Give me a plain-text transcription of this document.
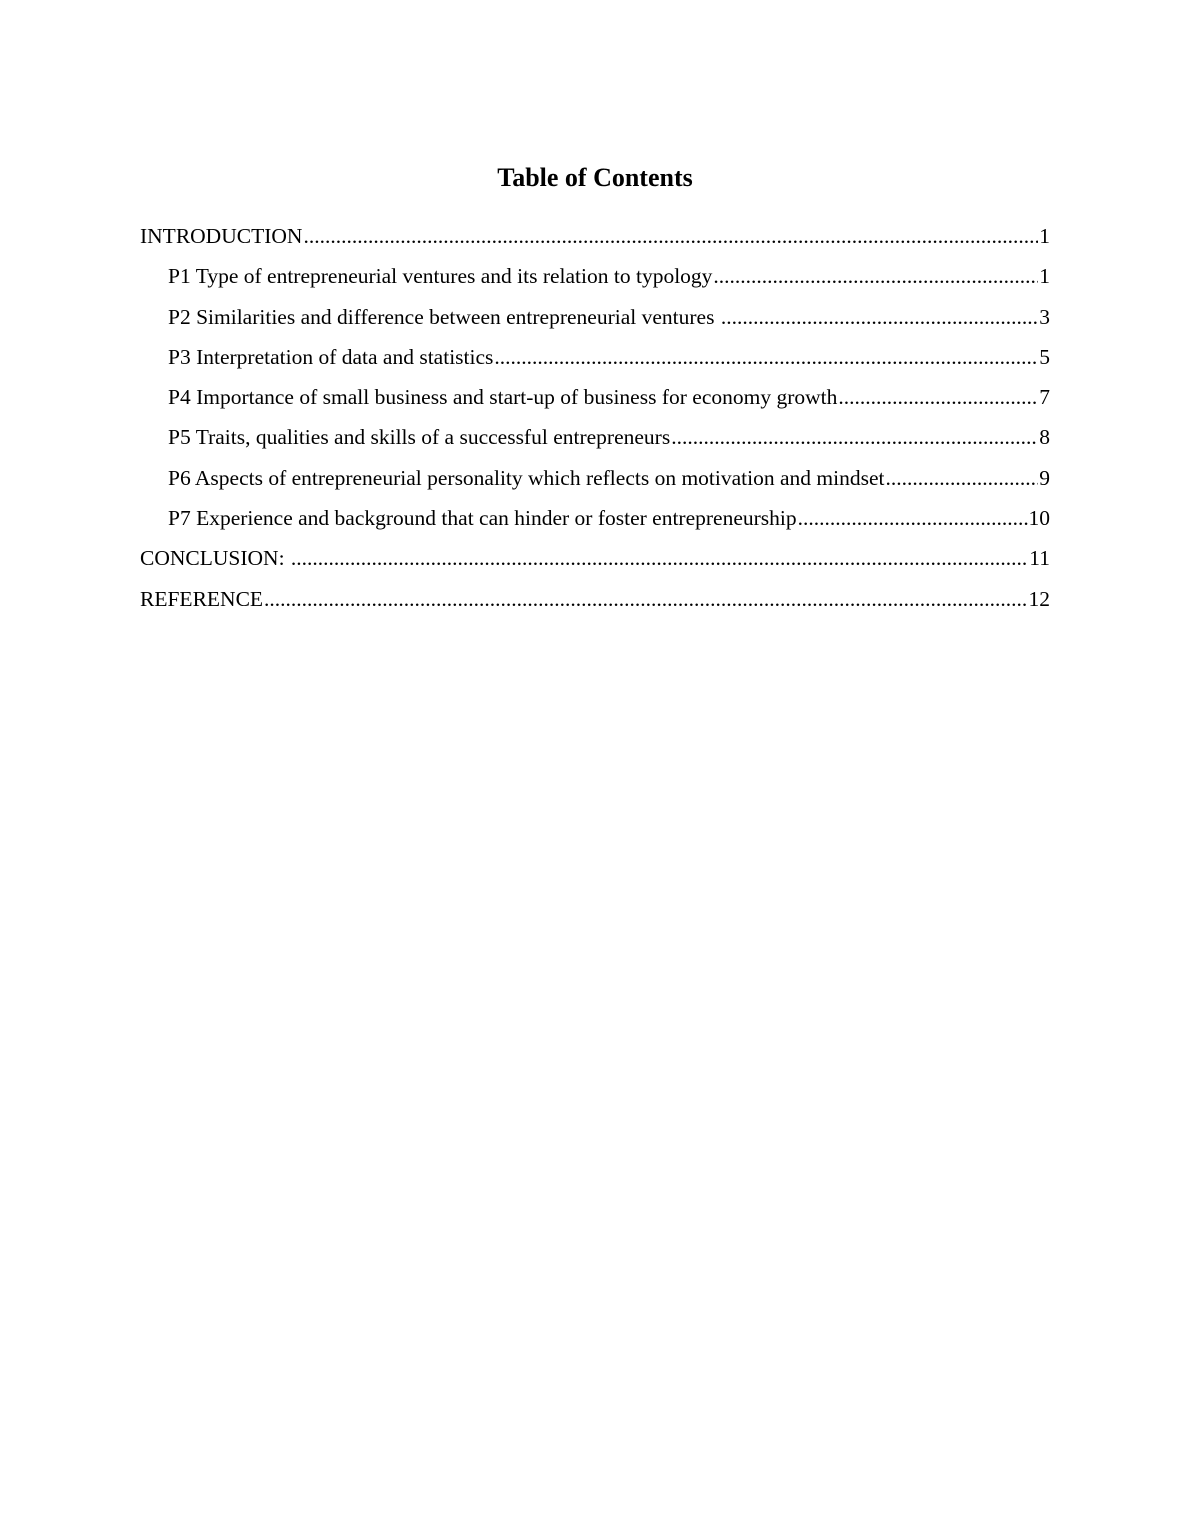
Table of Contents
INTRODUCTION .....	1
P1 Type of entrepreneurial ventures and its relation to typology .....	1
P2 Similarities and difference between entrepreneurial ventures .....	3
P3 Interpretation of data and statistics .....	5
P4 Importance of small business and start-up of business for economy growth .....	7
P5 Traits, qualities and skills of a successful entrepreneurs .....	8
P6 Aspects of entrepreneurial personality which reflects on motivation and mindset .....	9
P7 Experience and background that can hinder or foster entrepreneurship .....	10
CONCLUSION: .....	11
REFERENCE .....	12
